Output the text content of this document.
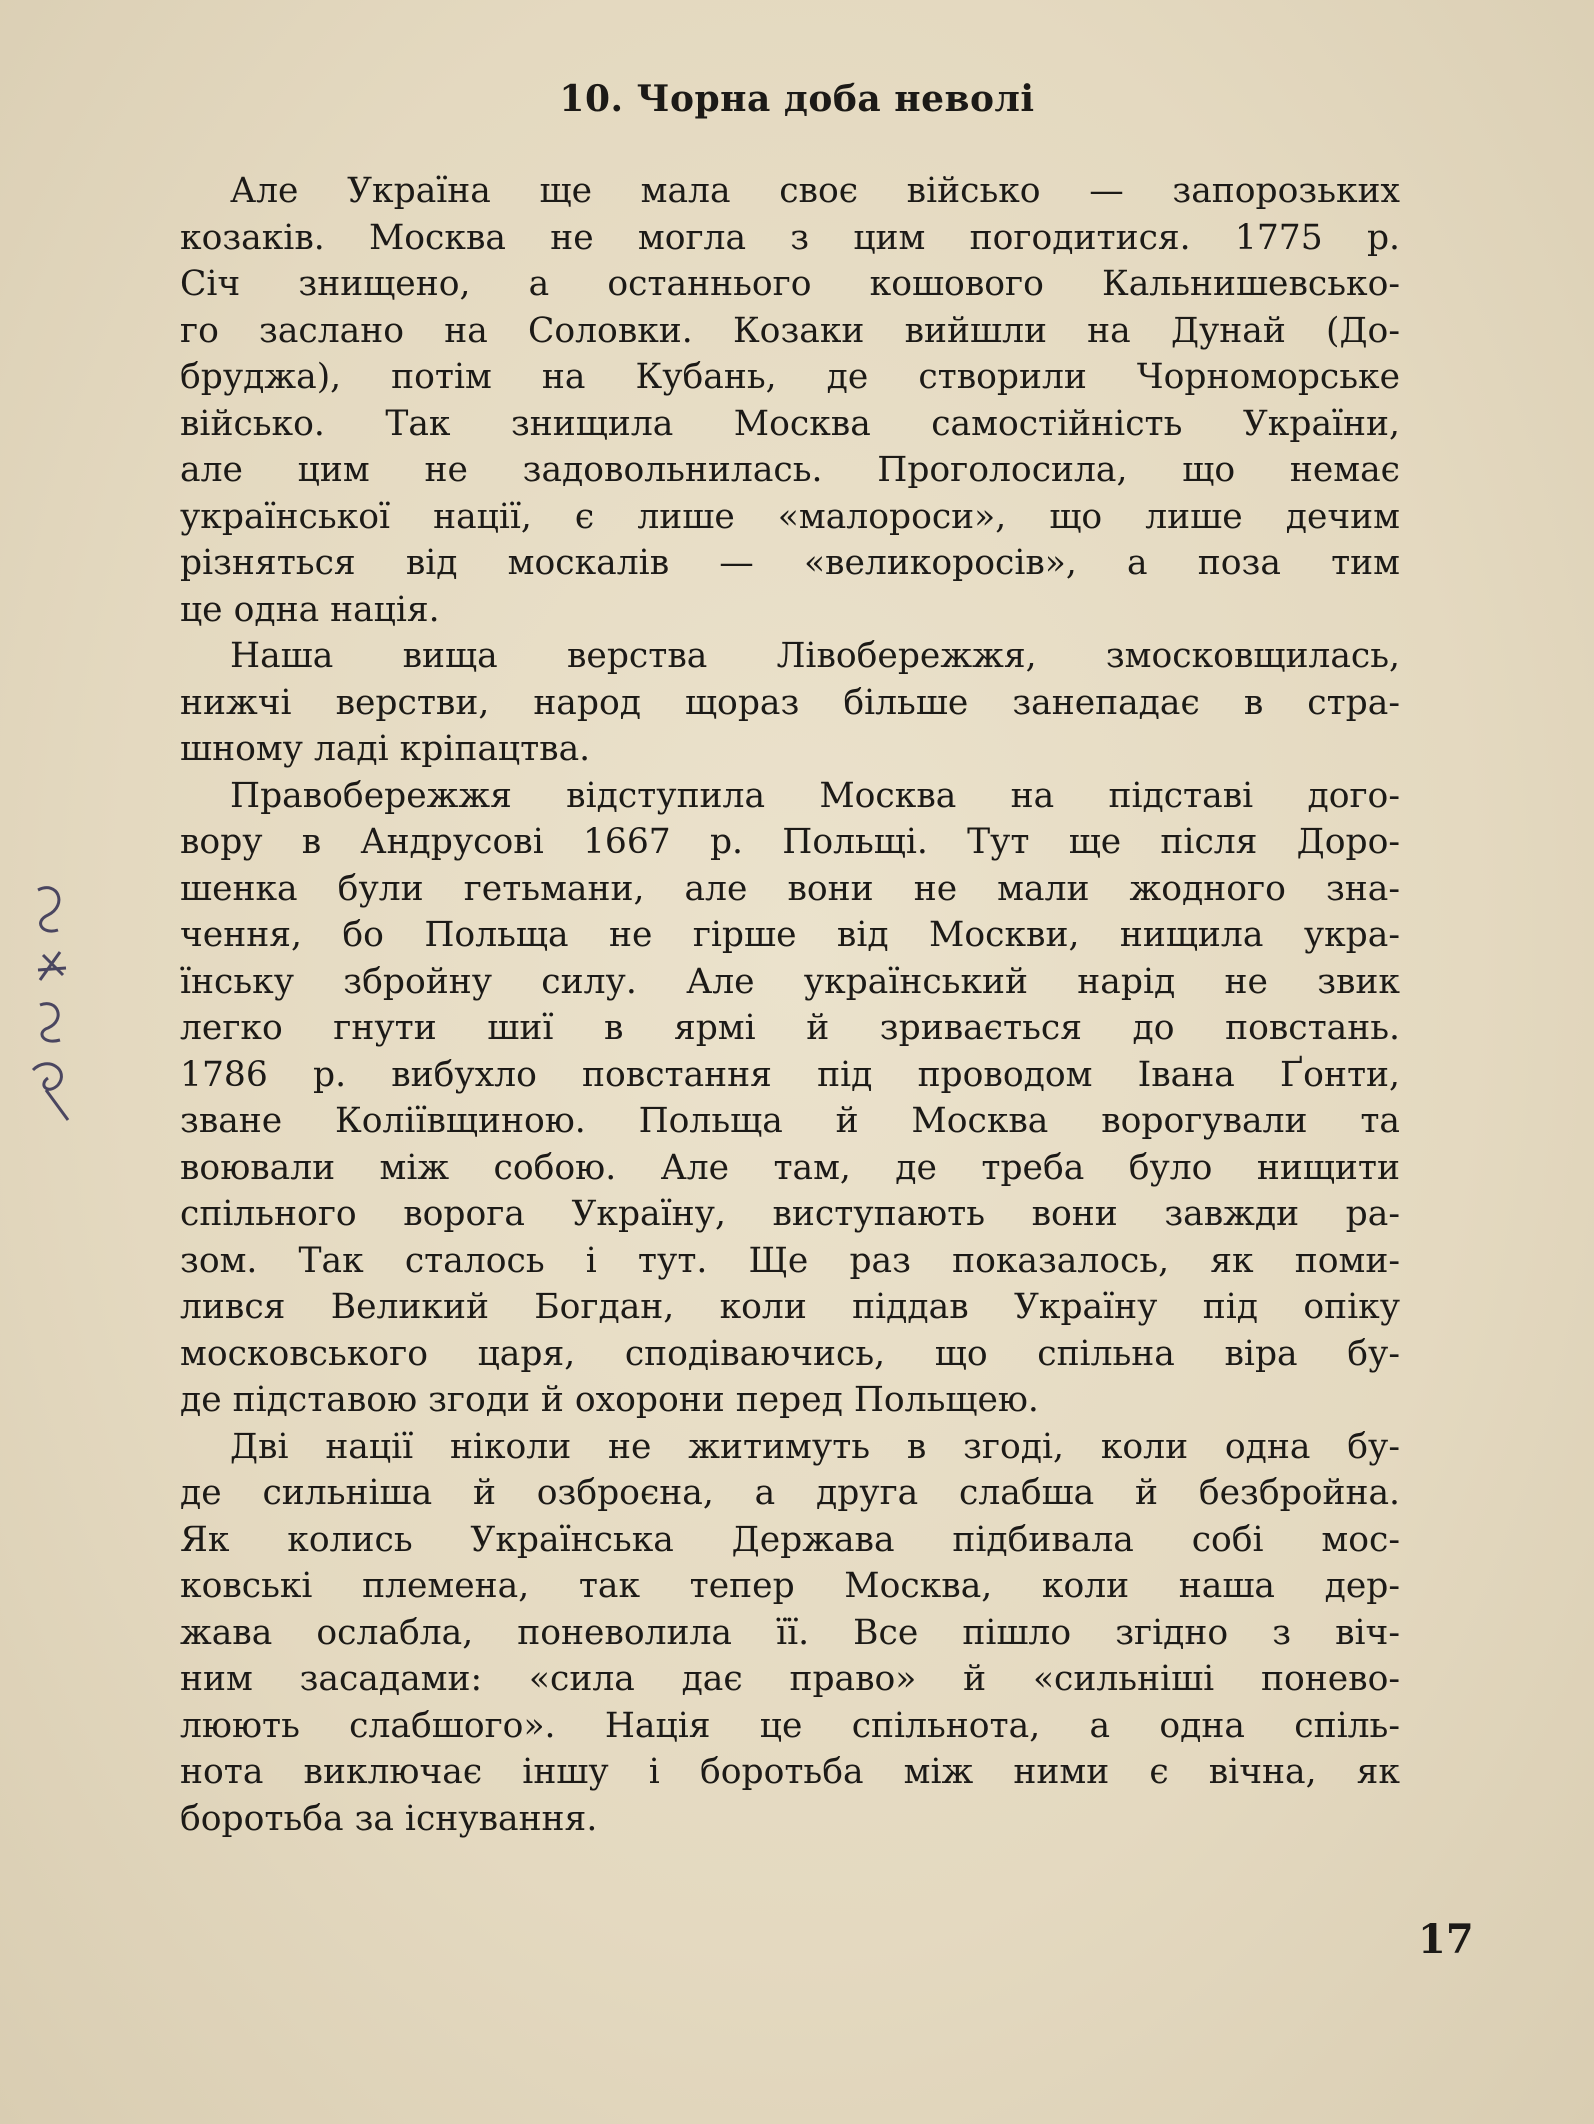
10. Чорна доба неволі

Але Україна ще мала своє військо — запорозьких
козаків. Москва не могла з цим погодитися. 1775 р.
Січ знищено, а останнього кошового Кальнишевсько-
го заслано на Соловки. Козаки вийшли на Дунай (До-
бруджа), потім на Кубань, де створили Чорноморське
військо. Так знищила Москва самостійність України,
але цим не задовольнилась. Проголосила, що немає
української нації, є лише «малороси», що лише дечим
різняться від москалів — «великоросів», а поза тим
це одна нація.

Наша вища верства Лівобережжя, змосковщилась,
нижчі верстви, народ щораз більше занепадає в стра-
шному ладі кріпацтва.

Правобережжя відступила Москва на підставі дого-
вору в Андрусові 1667 р. Польщі. Тут ще після Доро-
шенка були гетьмани, але вони не мали жодного зна-
чення, бо Польща не гірше від Москви, нищила укра-
їнську збройну силу. Але український нарід не звик
легко гнути шиї в ярмі й зривається до повстань.
1786 р. вибухло повстання під проводом Івана Ґонти,
зване Коліївщиною. Польща й Москва ворогували та
воювали між собою. Але там, де треба було нищити
спільного ворога Україну, виступають вони завжди ра-
зом. Так сталось і тут. Ще раз показалось, як поми-
лився Великий Богдан, коли піддав Україну під опіку
московського царя, сподіваючись, що спільна віра бу-
де підставою згоди й охорони перед Польщею.

Дві нації ніколи не житимуть в згоді, коли одна бу-
де сильніша й озброєна, а друга слабша й безбройна.
Як колись Українська Держава підбивала собі мос-
ковські племена, так тепер Москва, коли наша дер-
жава ослабла, поневолила її. Все пішло згідно з віч-
ним засадами: «сила дає право» й «сильніші понево-
люють слабшого». Нація це спільнота, а одна спіль-
нота виключає іншу і боротьба між ними є вічна, як
боротьба за існування.

17
